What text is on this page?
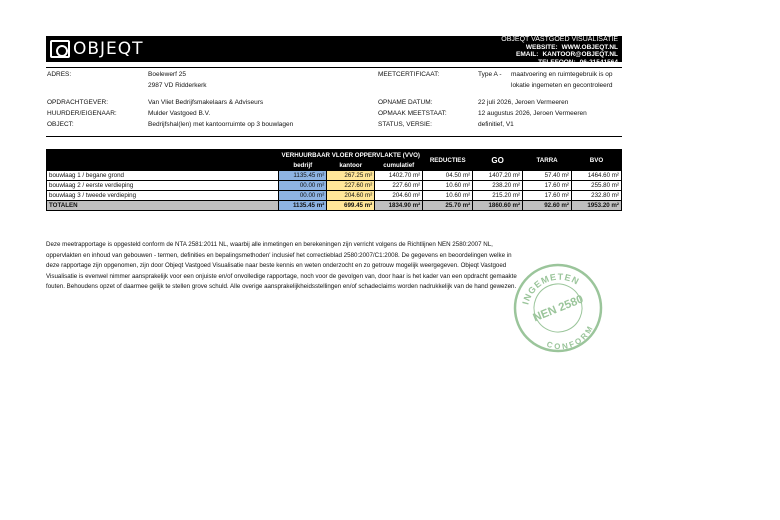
OBJEQT	OBJEQT VASTGOED VISUALISATIE
WEBSITE: WWW.OBJEQT.NL
EMAIL: KANTOOR@OBJEQT.NL
TELEFOON: 06-21541564
ADRES:	Boelewerf 25
2987 VD Ridderkerk
MEETCERTIFICAAT:	Type A - maatvoering en ruimtegebruik is op
lokatie ingemeten en gecontroleerd
OPDRACHTGEVER:	Van Vliet Bedrijfsmakelaars & Adviseurs
HUURDER/EIGENAAR:	Mulder Vastgoed B.V.
OBJECT:	Bedrijfshal(len) met kantoorruimte op 3 bouwlagen
OPNAME DATUM:	22 juli 2026, Jeroen Vermeeren
OPMAAK MEETSTAAT:	12 augustus 2026, Jeroen Vermeeren
STATUS, VERSIE:	definitief, V1
	VERHUURBAAR VLOER OPPERVLAKTE (VVO)			REDUCTIES	GO	TARRA	BVO
	bedrijf	kantoor	cumulatief				
bouwlaag 1 / begane grond	1135.45 m²	267.25 m²	1402.70 m²	04.50 m²	1407.20 m²	57.40 m²	1464.60 m²
bouwlaag 2 / eerste verdieping	00.00 m²	227.60 m²	227.60 m²	10.60 m²	238.20 m²	17.60 m²	255.80 m²
bouwlaag 3 / tweede verdieping	00.00 m²	204.60 m²	204.60 m²	10.60 m²	215.20 m²	17.60 m²	232.80 m²
TOTALEN	1135.45 m²	699.45 m²	1834.90 m²	25.70 m²	1860.60 m²	92.60 m²	1953.20 m²
Deze meetrapportage is opgesteld conform de NTA 2581:2011 NL, waarbij alle inmetingen en berekeningen zijn verricht volgens de Richtlijnen NEN 2580:2007 NL,
oppervlakten en inhoud van gebouwen - termen, definities en bepalingsmethoden' inclusief het correctieblad 2580:2007/C1:2008. De gegevens en beoordelingen welke in
deze rapportage zijn opgenomen, zijn door Objeqt Vastgoed Visualisatie naar beste kennis en weten onderzocht en zo getrouw mogelijk weergegeven. Objeqt Vastgoed
Visualisatie is evenwel nimmer aansprakelijk voor een onjuiste en/of onvolledige rapportage, noch voor de gevolgen van, door haar is het kader van een opdracht gemaakte
fouten. Behoudens opzet of daarmee gelijk te stellen grove schuld. Alle overige aansprakelijkheidsstellingen en/of schadeclaims worden nadrukkelijk van de hand gewezen.
INGEMETEN
NEN 2580
CONFORM
